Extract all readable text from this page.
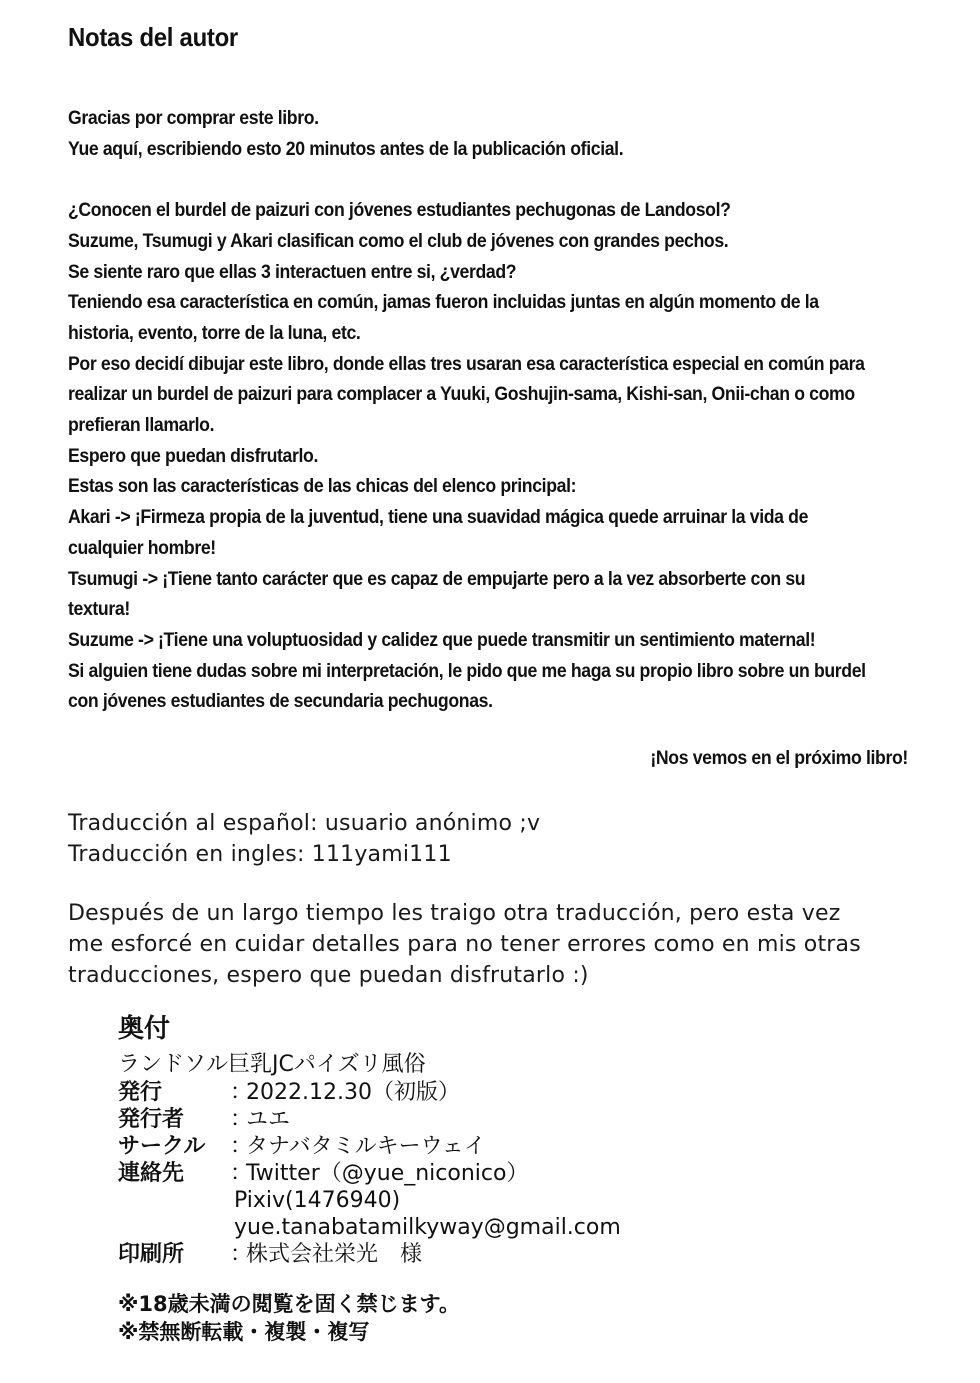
Notas del autor
Gracias por comprar este libro.
Yue aquí, escribiendo esto 20 minutos antes de la publicación oficial.
¿Conocen el burdel de paizuri con jóvenes estudiantes pechugonas de Landosol?
Suzume, Tsumugi y Akari clasifican como el club de jóvenes con grandes pechos.
Se siente raro que ellas 3 interactuen entre si, ¿verdad?
Teniendo esa característica en común, jamas fueron incluidas juntas en algún momento de la
historia, evento, torre de la luna, etc.
Por eso decidí dibujar este libro, donde ellas tres usaran esa característica especial en común para
realizar un burdel de paizuri para complacer a Yuuki, Goshujin-sama, Kishi-san, Onii-chan o como
prefieran llamarlo.
Espero que puedan disfrutarlo.
Estas son las características de las chicas del elenco principal:
Akari -> ¡Firmeza propia de la juventud, tiene una suavidad mágica quede arruinar la vida de
cualquier hombre!
Tsumugi -> ¡Tiene tanto carácter que es capaz de empujarte pero a la vez absorberte con su
textura!
Suzume -> ¡Tiene una voluptuosidad y calidez que puede transmitir un sentimiento maternal!
Si alguien tiene dudas sobre mi interpretación, le pido que me haga su propio libro sobre un burdel
con jóvenes estudiantes de secundaria pechugonas.
¡Nos vemos en el próximo libro!
Traducción al español: usuario anónimo ;v
Traducción en ingles: 111yami111
Después de un largo tiempo les traigo otra traducción, pero esta vez
me esforcé en cuidar detalles para no tener errores como en mis otras
traducciones, espero que puedan disfrutarlo :)
奥付
ランドソル巨乳JCパイズリ風俗
発行	：
2022.12.30（初版）
発行者	：
ユエ
サークル	：
タナバタミルキーウェイ
連絡先	：
Twitter（@yue_niconico）
Pixiv(1476940)
yue.tanabatamilkyway@gmail.com
印刷所	：
株式会社栄光　様
※18歳未満の閲覧を固く禁じます。
※禁無断転載・複製・複写
